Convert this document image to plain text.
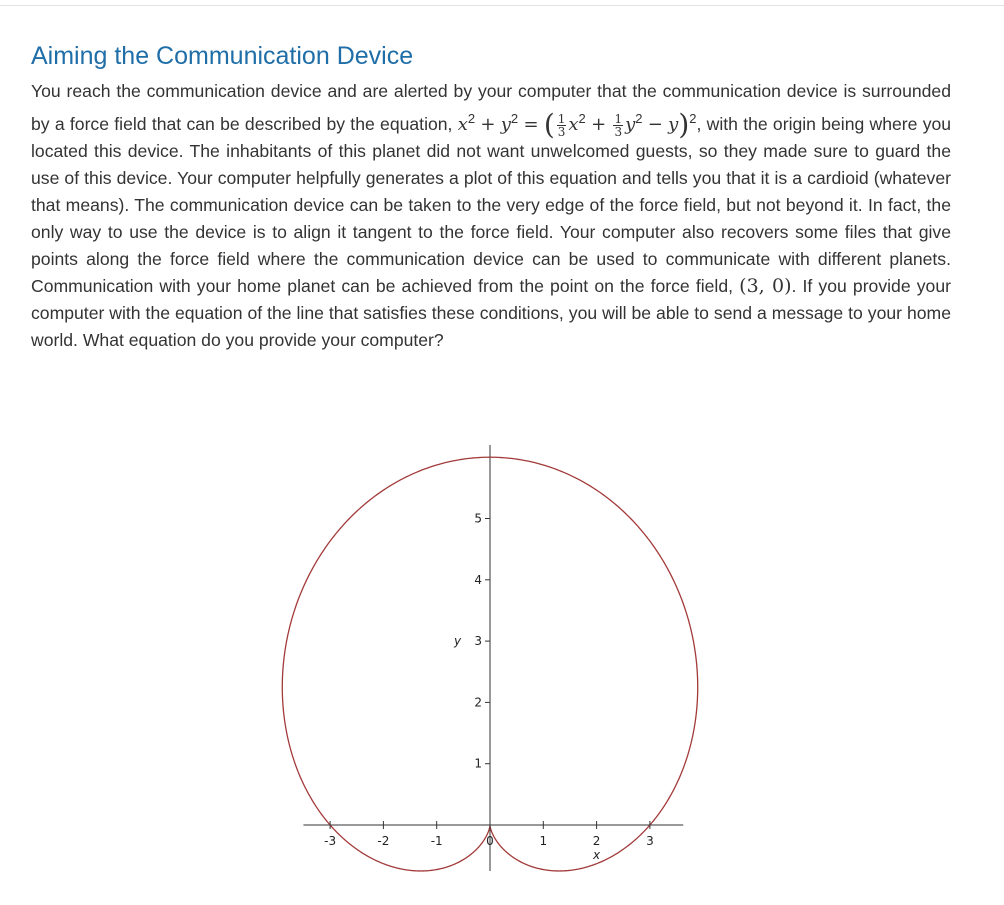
Aiming the Communication Device

You reach the communication device and are alerted by your computer that the communication device is surrounded by a force field that can be described by the equation, $x^2 + y^2$ = ( $\frac{1}{3} x^2 + \frac{1}{3} y^2 - y)^2$, with the origin being where you located this device. The inhabitants of this planet did not want unwelcomed guests, so they made sure to guard the use of this device. Your computer helpfully generates a plot of this equation and tells you that it is a cardioid (whatever that means). The communication device can be taken to the very edge of the force field, but not beyond it. In fact, the only way to use the device is to align it tangent to the force field. Your computer also recovers some files that give points along the force field where the communication device can be used to communicate with different planets. Communication with your home planet can be achieved from the point on the force field, (3, 0). If you provide your computer with the equation of the line that satisfies these conditions, you will be able to send a message to your home world. What equation do you provide your computer?

-3	-2	-1	0	1	2	3
1
2
3
4
5
x
y
